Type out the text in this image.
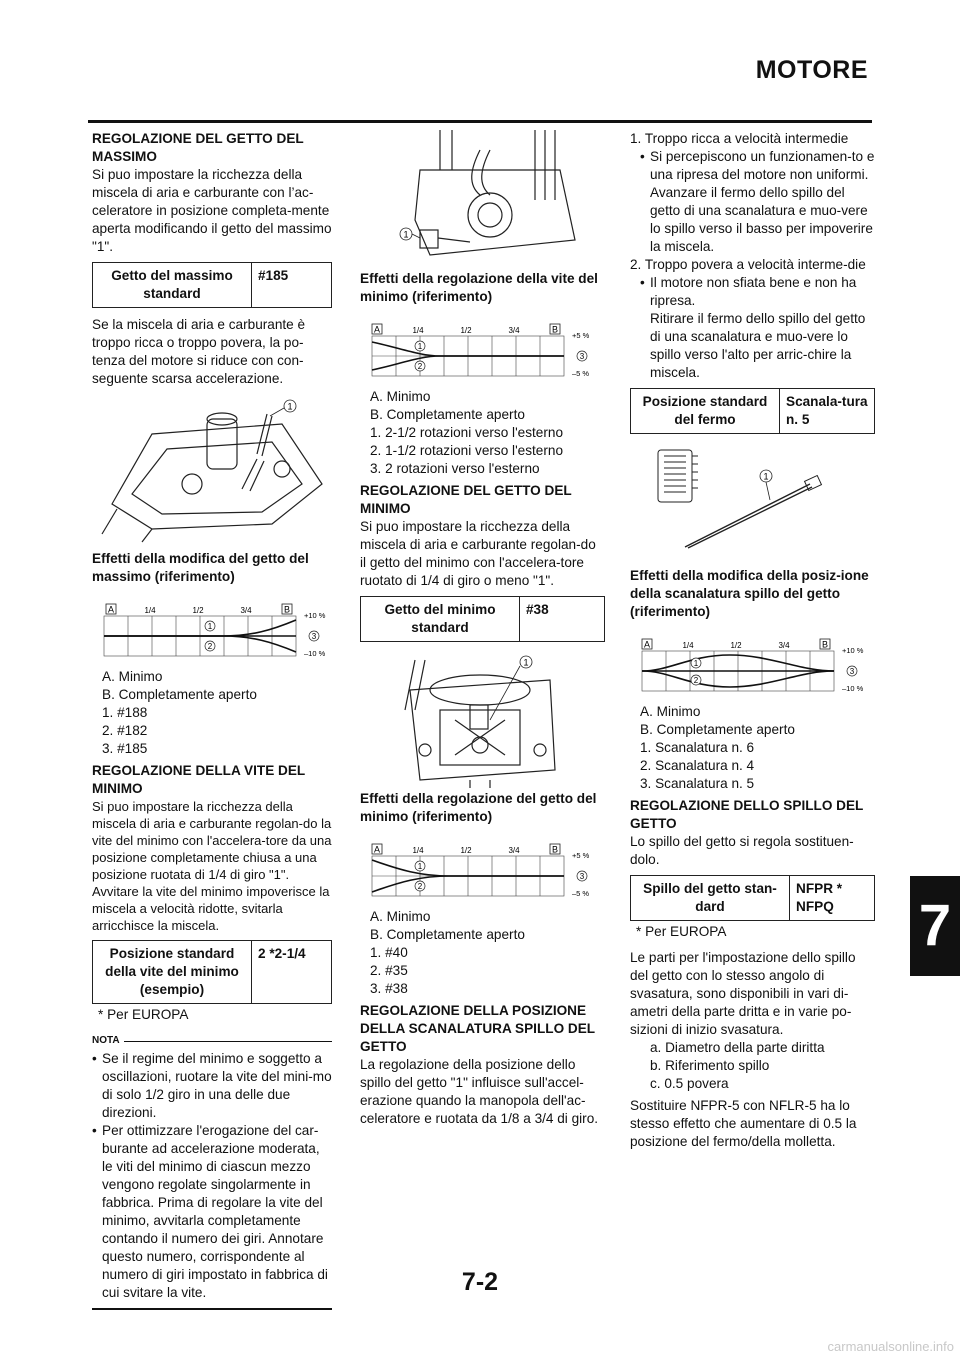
MOTORE

REGOLAZIONE DEL GETTO DEL MASSIMO

Si puo impostare la ricchezza della miscela di aria e carburante con l’ac-celeratore in posizione completa-mente aperta modificando il getto del massimo "1".

Getto del massimo standard
#185

Se la miscela di aria e carburante è troppo ricca o troppo povera, la po-tenza del motore si riduce con con-seguente scarsa accelerazione.

1

Effetti della modifica del getto del massimo (riferimento)

A	B
1/4	1/2	3/4
1
2
+10 %
3
–10 %
A. Minimo
B. Completamente aperto
1. #188
2. #182
3. #185

REGOLAZIONE DELLA VITE DEL MINIMO

Si puo impostare la ricchezza della miscela di aria e carburante regolan-do la vite del minimo con l'accelera-tore da una posizione completamente chiusa a una posizione ruotata di 1/4 di giro "1". Avvitare la vite del minimo impoverisce la miscela a velocità ridotte, svitarla arricchisce la miscela.

Posizione standard della vite del minimo (esempio)
2 *2-1/4
* Per EUROPA
NOTA
• Se il regime del minimo e soggetto a oscillazioni, ruotare la vite del mini-mo di solo 1/2 giro in una delle due direzioni.
• Per ottimizzare l'erogazione del car-burante ad accelerazione moderata, le viti del minimo di ciascun mezzo vengono regolate singolarmente in fabbrica. Prima di regolare la vite del minimo, avvitarla completamente contando il numero dei giri. Annotare questo numero, corrispondente al numero di giri impostato in fabbrica di cui svitare la vite.
1

Effetti della regolazione della vite del minimo (riferimento)

A	B
1/4	1/2	3/4
1
2
+5 %
3
–5 %
A. Minimo
B. Completamente aperto
1. 2-1/2 rotazioni verso l'esterno
2. 1-1/2 rotazioni verso l'esterno
3. 2 rotazioni verso l'esterno

REGOLAZIONE DEL GETTO DEL MINIMO

Si puo impostare la ricchezza della miscela di aria e carburante regolan-do il getto del minimo con l'accelera-tore ruotato di 1/4 di giro o meno "1".

Getto del minimo standard
#38
1

Effetti della regolazione del getto del minimo (riferimento)

A	B
1/4	1/2	3/4
1
2
+5 %
3
–5 %
A. Minimo
B. Completamente aperto
1. #40
2. #35
3. #38

REGOLAZIONE DELLA POSIZIONE DELLA SCANALATURA SPILLO DEL GETTO

La regolazione della posizione dello spillo del getto "1" influisce sull'accel-erazione quando la manopola dell'ac-celeratore e ruotata da 1/8 a 3/4 di giro.

1. Troppo ricca a velocità intermedie
• Si percepiscono un funzionamen-to e una ripresa del motore non uniformi.
Avanzare il fermo dello spillo del getto di una scanalatura e muo-vere lo spillo verso il basso per impoverire la miscela.
2. Troppo povera a velocità interme-die
• Il motore non sfiata bene e non ha ripresa.
Ritirare il fermo dello spillo del getto di una scanalatura e muo-vere lo spillo verso l'alto per arric-chire la miscela.
Posizione standard del fermo
Scanala-tura n. 5
1

Effetti della modifica della posiz-ione della scanalatura spillo del getto (riferimento)

A	B
1/4	1/2	3/4
1
2
+10 %
3
–10 %
A. Minimo
B. Completamente aperto
1. Scanalatura n. 6
2. Scanalatura n. 4
3. Scanalatura n. 5

REGOLAZIONE DELLO SPILLO DEL GETTO

Lo spillo del getto si regola sostituen-dolo.

Spillo del getto stan-dard
NFPR * NFPQ
* Per EUROPA

Le parti per l'impostazione dello spillo del getto con lo stesso angolo di svasatura, sono disponibili in vari di-ametri della parte dritta e in varie po-sizioni di inizio svasatura.

a. Diametro della parte diritta
b. Riferimento spillo
c. 0.5 povera

Sostituire NFPR-5 con NFLR-5 ha lo stesso effetto che aumentare di 0.5 la posizione del fermo/della molletta.

7
7-2
carmanualsonline.info
